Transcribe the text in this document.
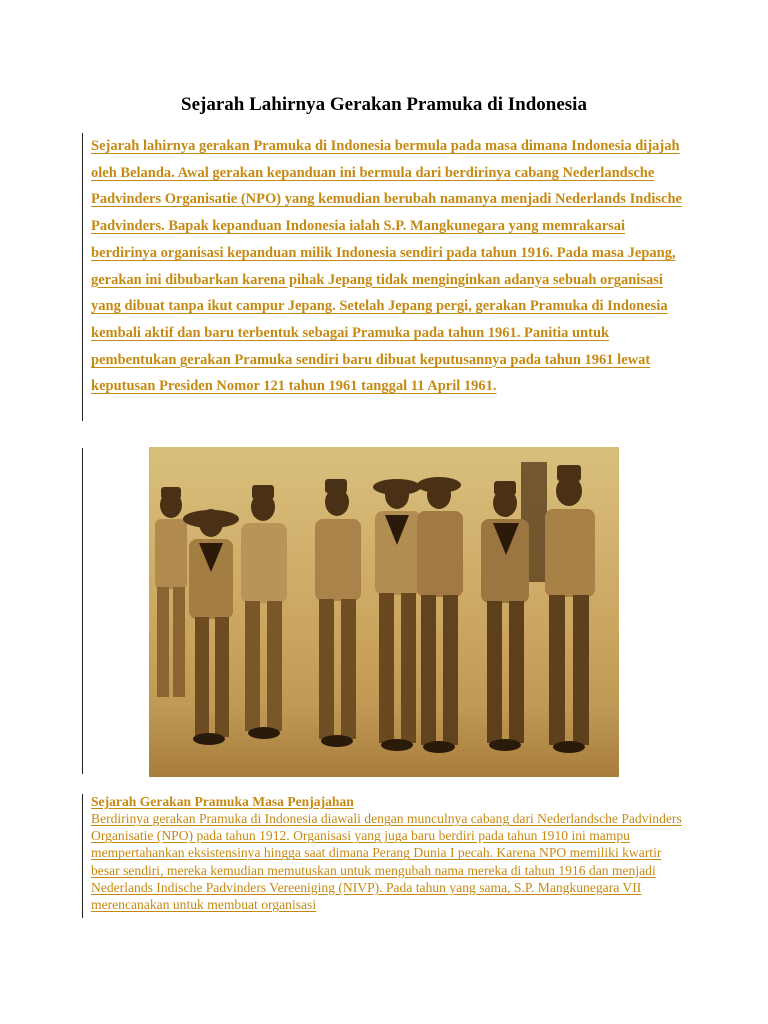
Sejarah Lahirnya Gerakan Pramuka di Indonesia

Sejarah lahirnya gerakan Pramuka di Indonesia bermula pada masa dimana Indonesia dijajah oleh Belanda. Awal gerakan kepanduan ini bermula dari berdirinya cabang Nederlandsche Padvinders Organisatie (NPO) yang kemudian berubah namanya menjadi Nederlands Indische Padvinders. Bapak kepanduan Indonesia ialah S.P. Mangkunegara yang memrakarsai berdirinya organisasi kepanduan milik Indonesia sendiri pada tahun 1916. Pada masa Jepang, gerakan ini dibubarkan karena pihak Jepang tidak menginginkan adanya sebuah organisasi yang dibuat tanpa ikut campur Jepang. Setelah Jepang pergi, gerakan Pramuka di Indonesia kembali aktif dan baru terbentuk sebagai Pramuka pada tahun 1961. Panitia untuk pembentukan gerakan Pramuka sendiri baru dibuat keputusannya pada tahun 1961 lewat keputusan Presiden Nomor 121 tahun 1961 tanggal 11 April 1961.

Sejarah Gerakan Pramuka Masa Penjajahan

Berdirinya gerakan Pramuka di Indonesia diawali dengan munculnya cabang dari Nederlandsche Padvinders Organisatie (NPO) pada tahun 1912. Organisasi yang juga baru berdiri pada tahun 1910 ini mampu mempertahankan eksistensinya hingga saat dimana Perang Dunia I pecah. Karena NPO memiliki kwartir besar sendiri, mereka kemudian memutuskan untuk mengubah nama mereka di tahun 1916 dan menjadi Nederlands Indische Padvinders Vereeniging (NIVP). Pada tahun yang sama, S.P. Mangkunegara VII merencanakan untuk membuat organisasi
